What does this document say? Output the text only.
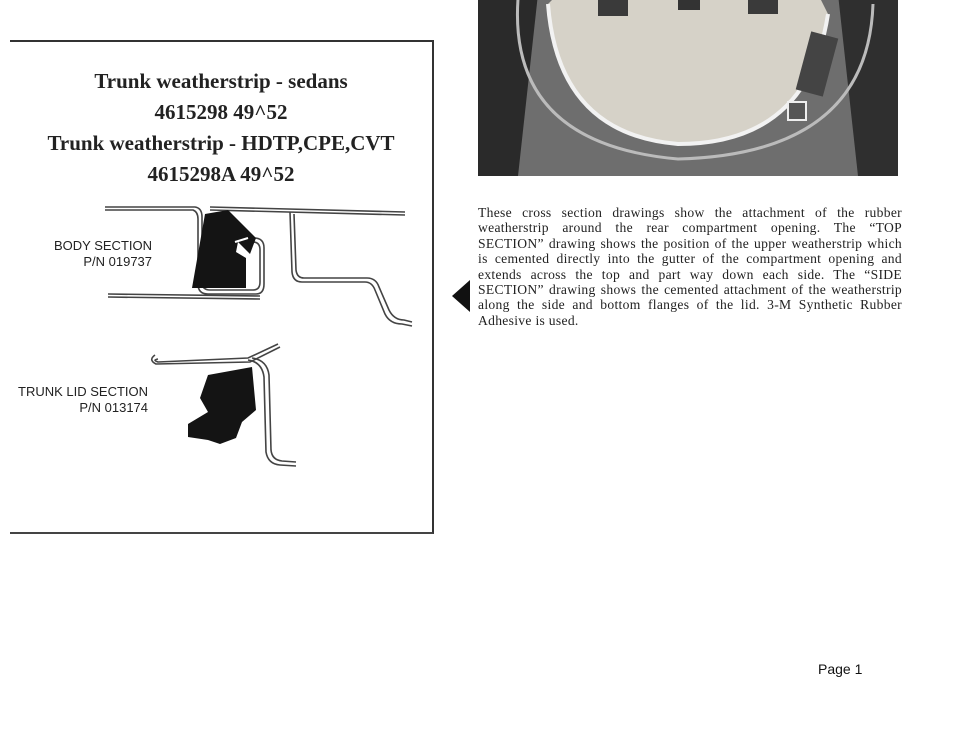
Trunk weatherstrip - sedans
4615298 49^52
Trunk weatherstrip - HDTP,CPE,CVT
4615298A 49^52
BODY SECTION
P/N 019737
TRUNK LID SECTION
P/N 013174
These cross section drawings show the attachment of the rubber weatherstrip around the rear compartment opening. The “TOP SECTION” drawing shows the position of the upper weatherstrip which is cemented directly into the gutter of the compartment opening and extends across the top and part way down each side. The “SIDE SECTION” drawing shows the cemented attachment of the weatherstrip along the side and bottom flanges of the lid. 3-M Synthetic Rubber Adhesive is used.
Page 1
